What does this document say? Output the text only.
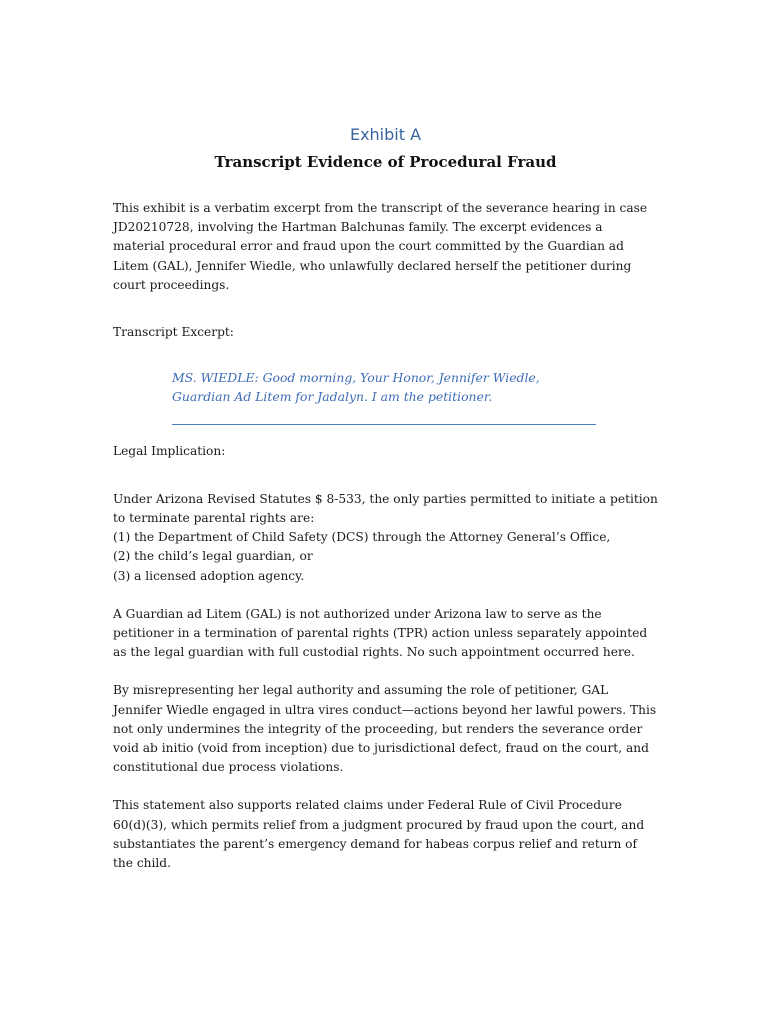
Exhibit A

Transcript Evidence of Procedural Fraud

This exhibit is a verbatim excerpt from the transcript of the severance hearing in case JD20210728, involving the Hartman Balchunas family. The excerpt evidences a material procedural error and fraud upon the court committed by the Guardian ad Litem (GAL), Jennifer Wiedle, who unlawfully declared herself the petitioner during court proceedings.

Transcript Excerpt:

MS. WIEDLE: Good morning, Your Honor, Jennifer Wiedle, Guardian Ad Litem for Jadalyn. I am the petitioner.

Legal Implication:

Under Arizona Revised Statutes $ 8-533, the only parties permitted to initiate a petition to terminate parental rights are:
(1) the Department of Child Safety (DCS) through the Attorney General’s Office,
(2) the child’s legal guardian, or
(3) a licensed adoption agency.

A Guardian ad Litem (GAL) is not authorized under Arizona law to serve as the petitioner in a termination of parental rights (TPR) action unless separately appointed as the legal guardian with full custodial rights. No such appointment occurred here.

By misrepresenting her legal authority and assuming the role of petitioner, GAL Jennifer Wiedle engaged in ultra vires conduct—actions beyond her lawful powers. This not only undermines the integrity of the proceeding, but renders the severance order void ab initio (void from inception) due to jurisdictional defect, fraud on the court, and constitutional due process violations.

This statement also supports related claims under Federal Rule of Civil Procedure 60(d)(3), which permits relief from a judgment procured by fraud upon the court, and substantiates the parent’s emergency demand for habeas corpus relief and return of the child.
